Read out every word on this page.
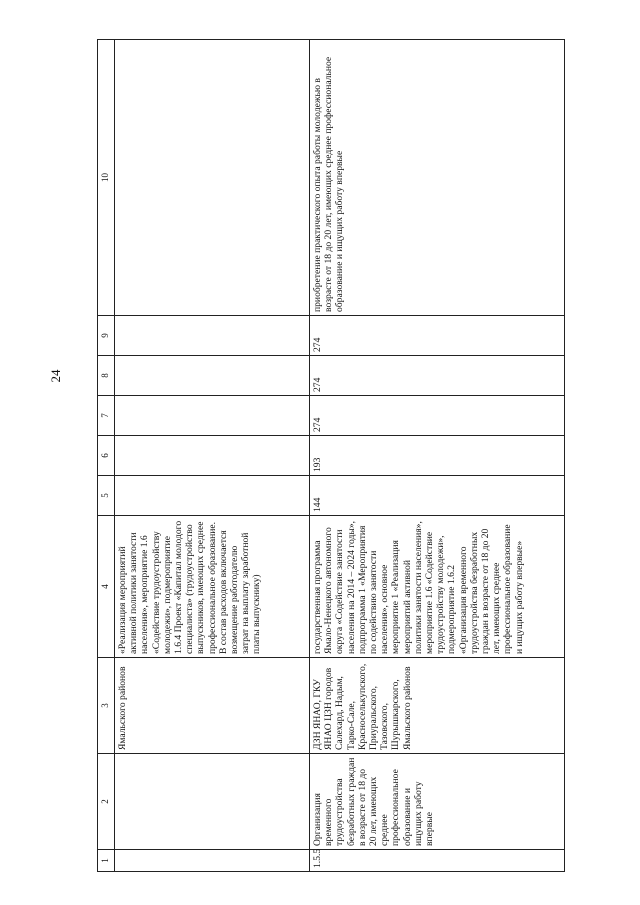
24
1	2	3	4	5	6	7	8	9	10
		Ямальского районов	«Реализация мероприятий активной политики занятости населения», мероприятие 1.6 «Содействие трудоустройству молодежи», подмероприятие 1.6.4 Проект «Капитал молодого специалиста» (трудоустройство выпускников, имеющих среднее профессиональное образование. В состав расходов включается возмещение работодателю затрат на выплату заработной платы выпускнику)						
1.5.5	Организация временного трудоустройства безработных граждан в возрасте от 18 до 20 лет, имеющих среднее профессиональное образование и ищущих работу впервые	ДЗН ЯНАО, ГКУ ЯНАО ЦЗН городов Салехард, Надым, Тарко-Сале, Красноселькупского, Приуральского, Тазовского, Шурышкарского, Ямальского районов	государственная программа Ямало-Ненецкого автономного округа «Содействие занятости населения на 2014 – 2024 годы», подпрограмма 1 «Мероприятия по содействию занятости населения», основное мероприятие 1 «Реализация мероприятий активной политики занятости населения», мероприятие 1.6 «Содействие трудоустройству молодежи», подмероприятие 1.6.2 «Организация временного трудоустройства безработных граждан в возрасте от 18 до 20 лет, имеющих среднее профессиональное образование и ищущих работу впервые»	144	193	274	274	274	приобретение практического опыта работы молодежью в возрасте от 18 до 20 лет, имеющих среднее профессиональное образование и ищущих работу впервые
